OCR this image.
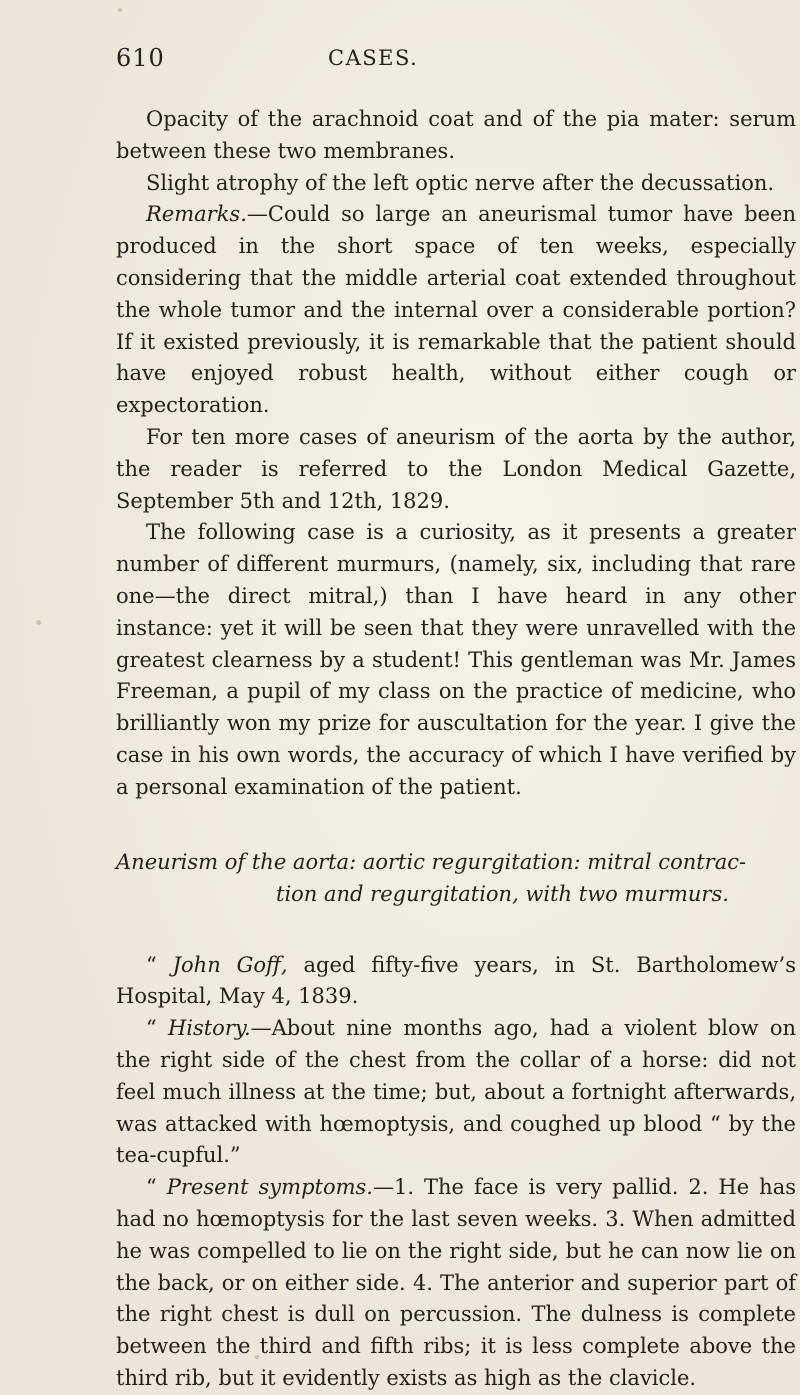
610	CASES.

Opacity of the arachnoid coat and of the pia mater: serum between these two membranes.

Slight atrophy of the left optic nerve after the decussation.

Remarks.—Could so large an aneurismal tumor have been produced in the short space of ten weeks, especially considering that the middle arterial coat extended throughout the whole tumor and the internal over a considerable portion? If it existed previously, it is remarkable that the patient should have enjoyed robust health, without either cough or expectoration.

For ten more cases of aneurism of the aorta by the author, the reader is referred to the London Medical Gazette, September 5th and 12th, 1829.

The following case is a curiosity, as it presents a greater number of different murmurs, (namely, six, including that rare one—the direct mitral,) than I have heard in any other instance: yet it will be seen that they were unravelled with the greatest clearness by a student! This gentleman was Mr. James Freeman, a pupil of my class on the practice of medicine, who brilliantly won my prize for auscultation for the year. I give the case in his own words, the accuracy of which I have verified by a personal examination of the patient.

Aneurism of the aorta: aortic regurgitation: mitral contrac-
tion and regurgitation, with two murmurs.

“ John Goff, aged fifty-five years, in St. Bartholomew’s Hospital, May 4, 1839.

“ History.—About nine months ago, had a violent blow on the right side of the chest from the collar of a horse: did not feel much illness at the time; but, about a fortnight afterwards, was attacked with hœmoptysis, and coughed up blood “ by the tea-cupful.”

“ Present symptoms.—1. The face is very pallid. 2. He has had no hœmoptysis for the last seven weeks. 3. When admitted he was compelled to lie on the right side, but he can now lie on the back, or on either side. 4. The anterior and superior part of the right chest is dull on percussion. The dulness is complete between the third and fifth ribs; it is less complete above the third rib, but it evidently exists as high as the clavicle.
